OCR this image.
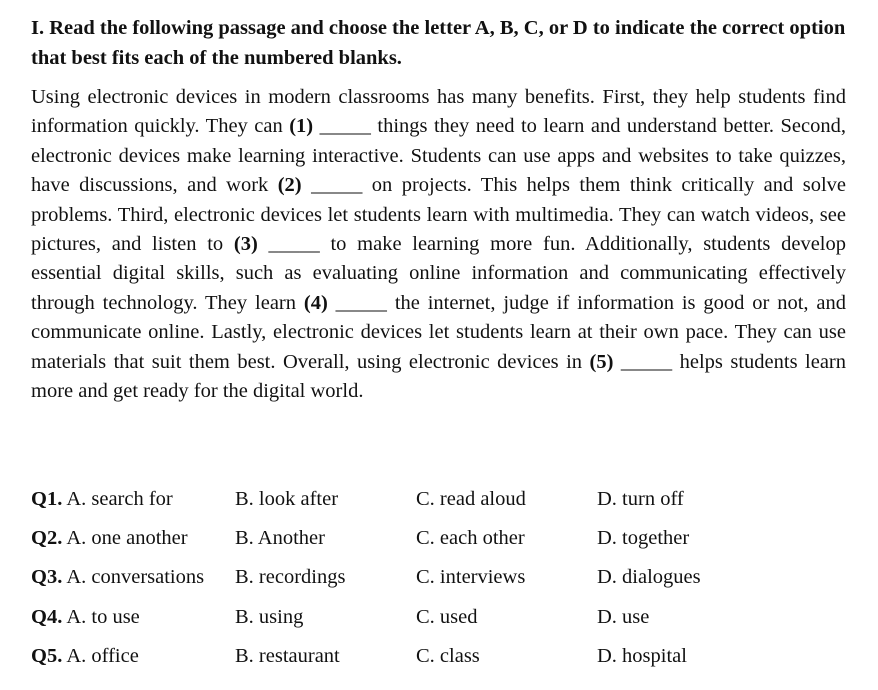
I. Read the following passage and choose the letter A, B, C, or D to indicate the correct option that best fits each of the numbered blanks.

Using electronic devices in modern classrooms has many benefits. First, they help students find information quickly. They can (1) _____ things they need to learn and understand better. Second, electronic devices make learning interactive. Students can use apps and websites to take quizzes, have discussions, and work (2) _____ on projects. This helps them think critically and solve problems. Third, electronic devices let students learn with multimedia. They can watch videos, see pictures, and listen to (3) _____ to make learning more fun. Additionally, students develop essential digital skills, such as evaluating online information and communicating effectively through technology. They learn (4) _____ the internet, judge if information is good or not, and communicate online. Lastly, electronic devices let students learn at their own pace. They can use materials that suit them best. Overall, using electronic devices in (5) _____ helps students learn more and get ready for the digital world.
Q1. A. search for	B. look after	C. read aloud	D. turn off
Q2. A. one another B. Another	C. each other	D. together
Q3. A. conversations B. recordings	C. interviews	D. dialogues
Q4. A. to use	B. using	C. used	D. use
Q5. A. office	B. restaurant	C. class	D. hospital
